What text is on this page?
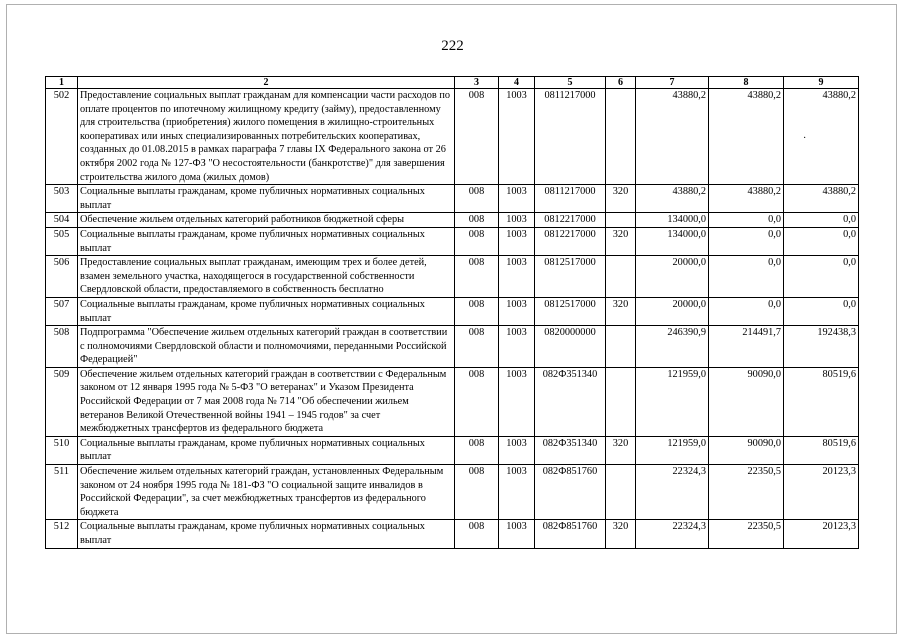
222
1	2	3	4	5	6	7	8	9
502	Предоставление социальных выплат гражданам для компенсации части расходов по оплате процентов по ипотечному жилищному кредиту (займу), предоставленному для строительства (приобретения) жилого помещения в жилищно-строительных кооперативах или иных специализированных потребительских кооперативах, созданных до 01.08.2015 в рамках параграфа 7 главы IX Федерального закона от 26 октября 2002 года № 127-ФЗ "О несостоятельности (банкротстве)" для завершения строительства жилого дома (жилых домов)	008	1003	0811217000		43880,2	43880,2	43880,2
503	Социальные выплаты гражданам, кроме публичных нормативных социальных выплат	008	1003	0811217000	320	43880,2	43880,2	43880,2
504	Обеспечение жильем отдельных категорий работников бюджетной сферы	008	1003	0812217000		134000,0	0,0	0,0
505	Социальные выплаты гражданам, кроме публичных нормативных социальных выплат	008	1003	0812217000	320	134000,0	0,0	0,0
506	Предоставление социальных выплат гражданам, имеющим трех и более детей, взамен земельного участка, находящегося в государственной собственности Свердловской области, предоставляемого в собственность бесплатно	008	1003	0812517000		20000,0	0,0	0,0
507	Социальные выплаты гражданам, кроме публичных нормативных социальных выплат	008	1003	0812517000	320	20000,0	0,0	0,0
508	Подпрограмма "Обеспечение жильем отдельных категорий граждан в соответствии с полномочиями Свердловской области и полномочиями, переданными Российской Федерацией"	008	1003	0820000000		246390,9	214491,7	192438,3
509	Обеспечение жильем отдельных категорий граждан в соответствии с Федеральным законом от 12 января 1995 года № 5-ФЗ "О ветеранах" и Указом Президента Российской Федерации от 7 мая 2008 года № 714 "Об обеспечении жильем ветеранов Великой Отечественной войны 1941 – 1945 годов" за счет межбюджетных трансфертов из федерального бюджета	008	1003	082Ф351340		121959,0	90090,0	80519,6
510	Социальные выплаты гражданам, кроме публичных нормативных социальных выплат	008	1003	082Ф351340	320	121959,0	90090,0	80519,6
511	Обеспечение жильем отдельных категорий граждан, установленных Федеральным законом от 24 ноября 1995 года № 181-ФЗ "О социальной защите инвалидов в Российской Федерации", за счет межбюджетных трансфертов из федерального бюджета	008	1003	082Ф851760		22324,3	22350,5	20123,3
512	Социальные выплаты гражданам, кроме публичных нормативных социальных выплат	008	1003	082Ф851760	320	22324,3	22350,5	20123,3
·
